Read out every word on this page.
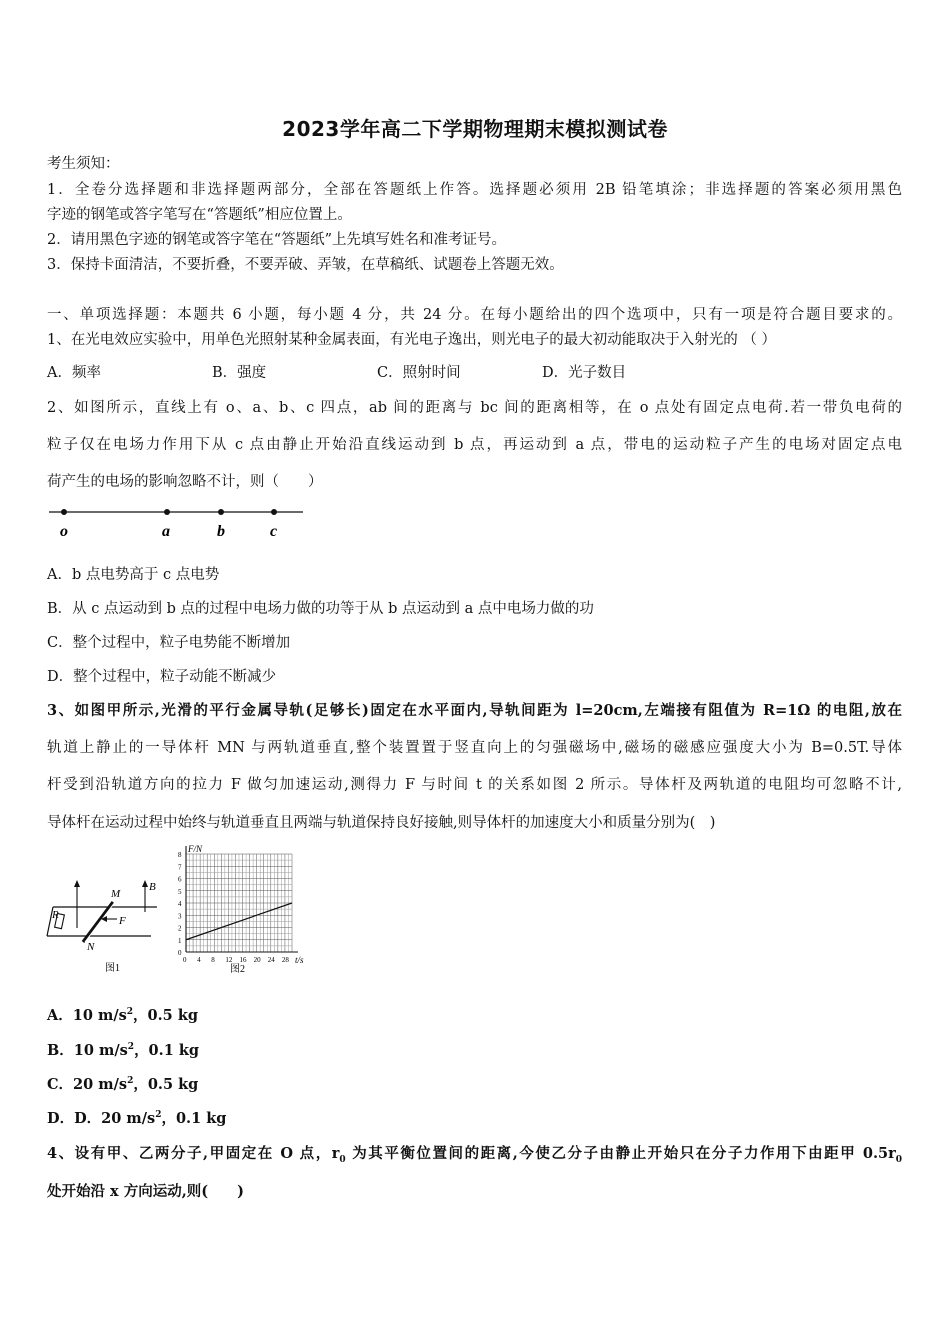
2023学年高二下学期物理期末模拟测试卷
考生须知：
1．全卷分选择题和非选择题两部分，全部在答题纸上作答。选择题必须用 2B 铅笔填涂；非选择题的答案必须用黑色
字迹的钢笔或答字笔写在“答题纸”相应位置上。
2．请用黑色字迹的钢笔或答字笔在“答题纸”上先填写姓名和准考证号。
3．保持卡面清洁，不要折叠，不要弄破、弄皱，在草稿纸、试题卷上答题无效。
一、单项选择题：本题共 6 小题，每小题 4 分，共 24 分。在每小题给出的四个选项中，只有一项是符合题目要求的。
1、在光电效应实验中，用单色光照射某种金属表面，有光电子逸出，则光电子的最大初动能取决于入射光的 （ ）
A．频率	B．强度	C．照射时间	D．光子数目
2、如图所示，直线上有 o、a、b、c 四点，ab 间的距离与 bc 间的距离相等，在 o 点处有固定点电荷.若一带负电荷的
粒子仅在电场力作用下从 c 点由静止开始沿直线运动到 b 点，再运动到 a 点，带电的运动粒子产生的电场对固定点电
荷产生的电场的影响忽略不计，则（　　）
o	a	b	c
A．b 点电势高于 c 点电势
B．从 c 点运动到 b 点的过程中电场力做的功等于从 b 点运动到 a 点中电场力做的功
C．整个过程中，粒子电势能不断增加
D．整个过程中，粒子动能不断减少
3、如图甲所示,光滑的平行金属导轨(足够长)固定在水平面内,导轨间距为 l=20cm,左端接有阻值为 R=1Ω 的电阻,放在
轨道上静止的一导体杆 MN 与两轨道垂直,整个装置置于竖直向上的匀强磁场中,磁场的磁感应强度大小为 B=0.5T.导体
杆受到沿轨道方向的拉力 F 做匀加速运动,测得力 F 与时间 t 的关系如图 2 所示。导体杆及两轨道的电阻均可忽略不计,
导体杆在运动过程中始终与轨道垂直且两端与轨道保持良好接触,则导体杆的加速度大小和质量分别为(　)
R
M
N
F
B
图1
0
1
2
3
4
5
6
7
8
0 4 8 12 16 20 24 28
F/N
t/s
图2
A．10 $m/s^2$，0.5 kg
B．10 $m/s^2$，0.1 kg
C．20 $m/s^2$，0.5 kg
D．D．20 $m/s^2$，0.1 kg
4、设有甲、乙两分子,甲固定在 O 点，$r_0$ 为其平衡位置间的距离,今使乙分子由静止开始只在分子力作用下由距甲 $0.5r_0$
处开始沿 x 方向运动,则(　　)
